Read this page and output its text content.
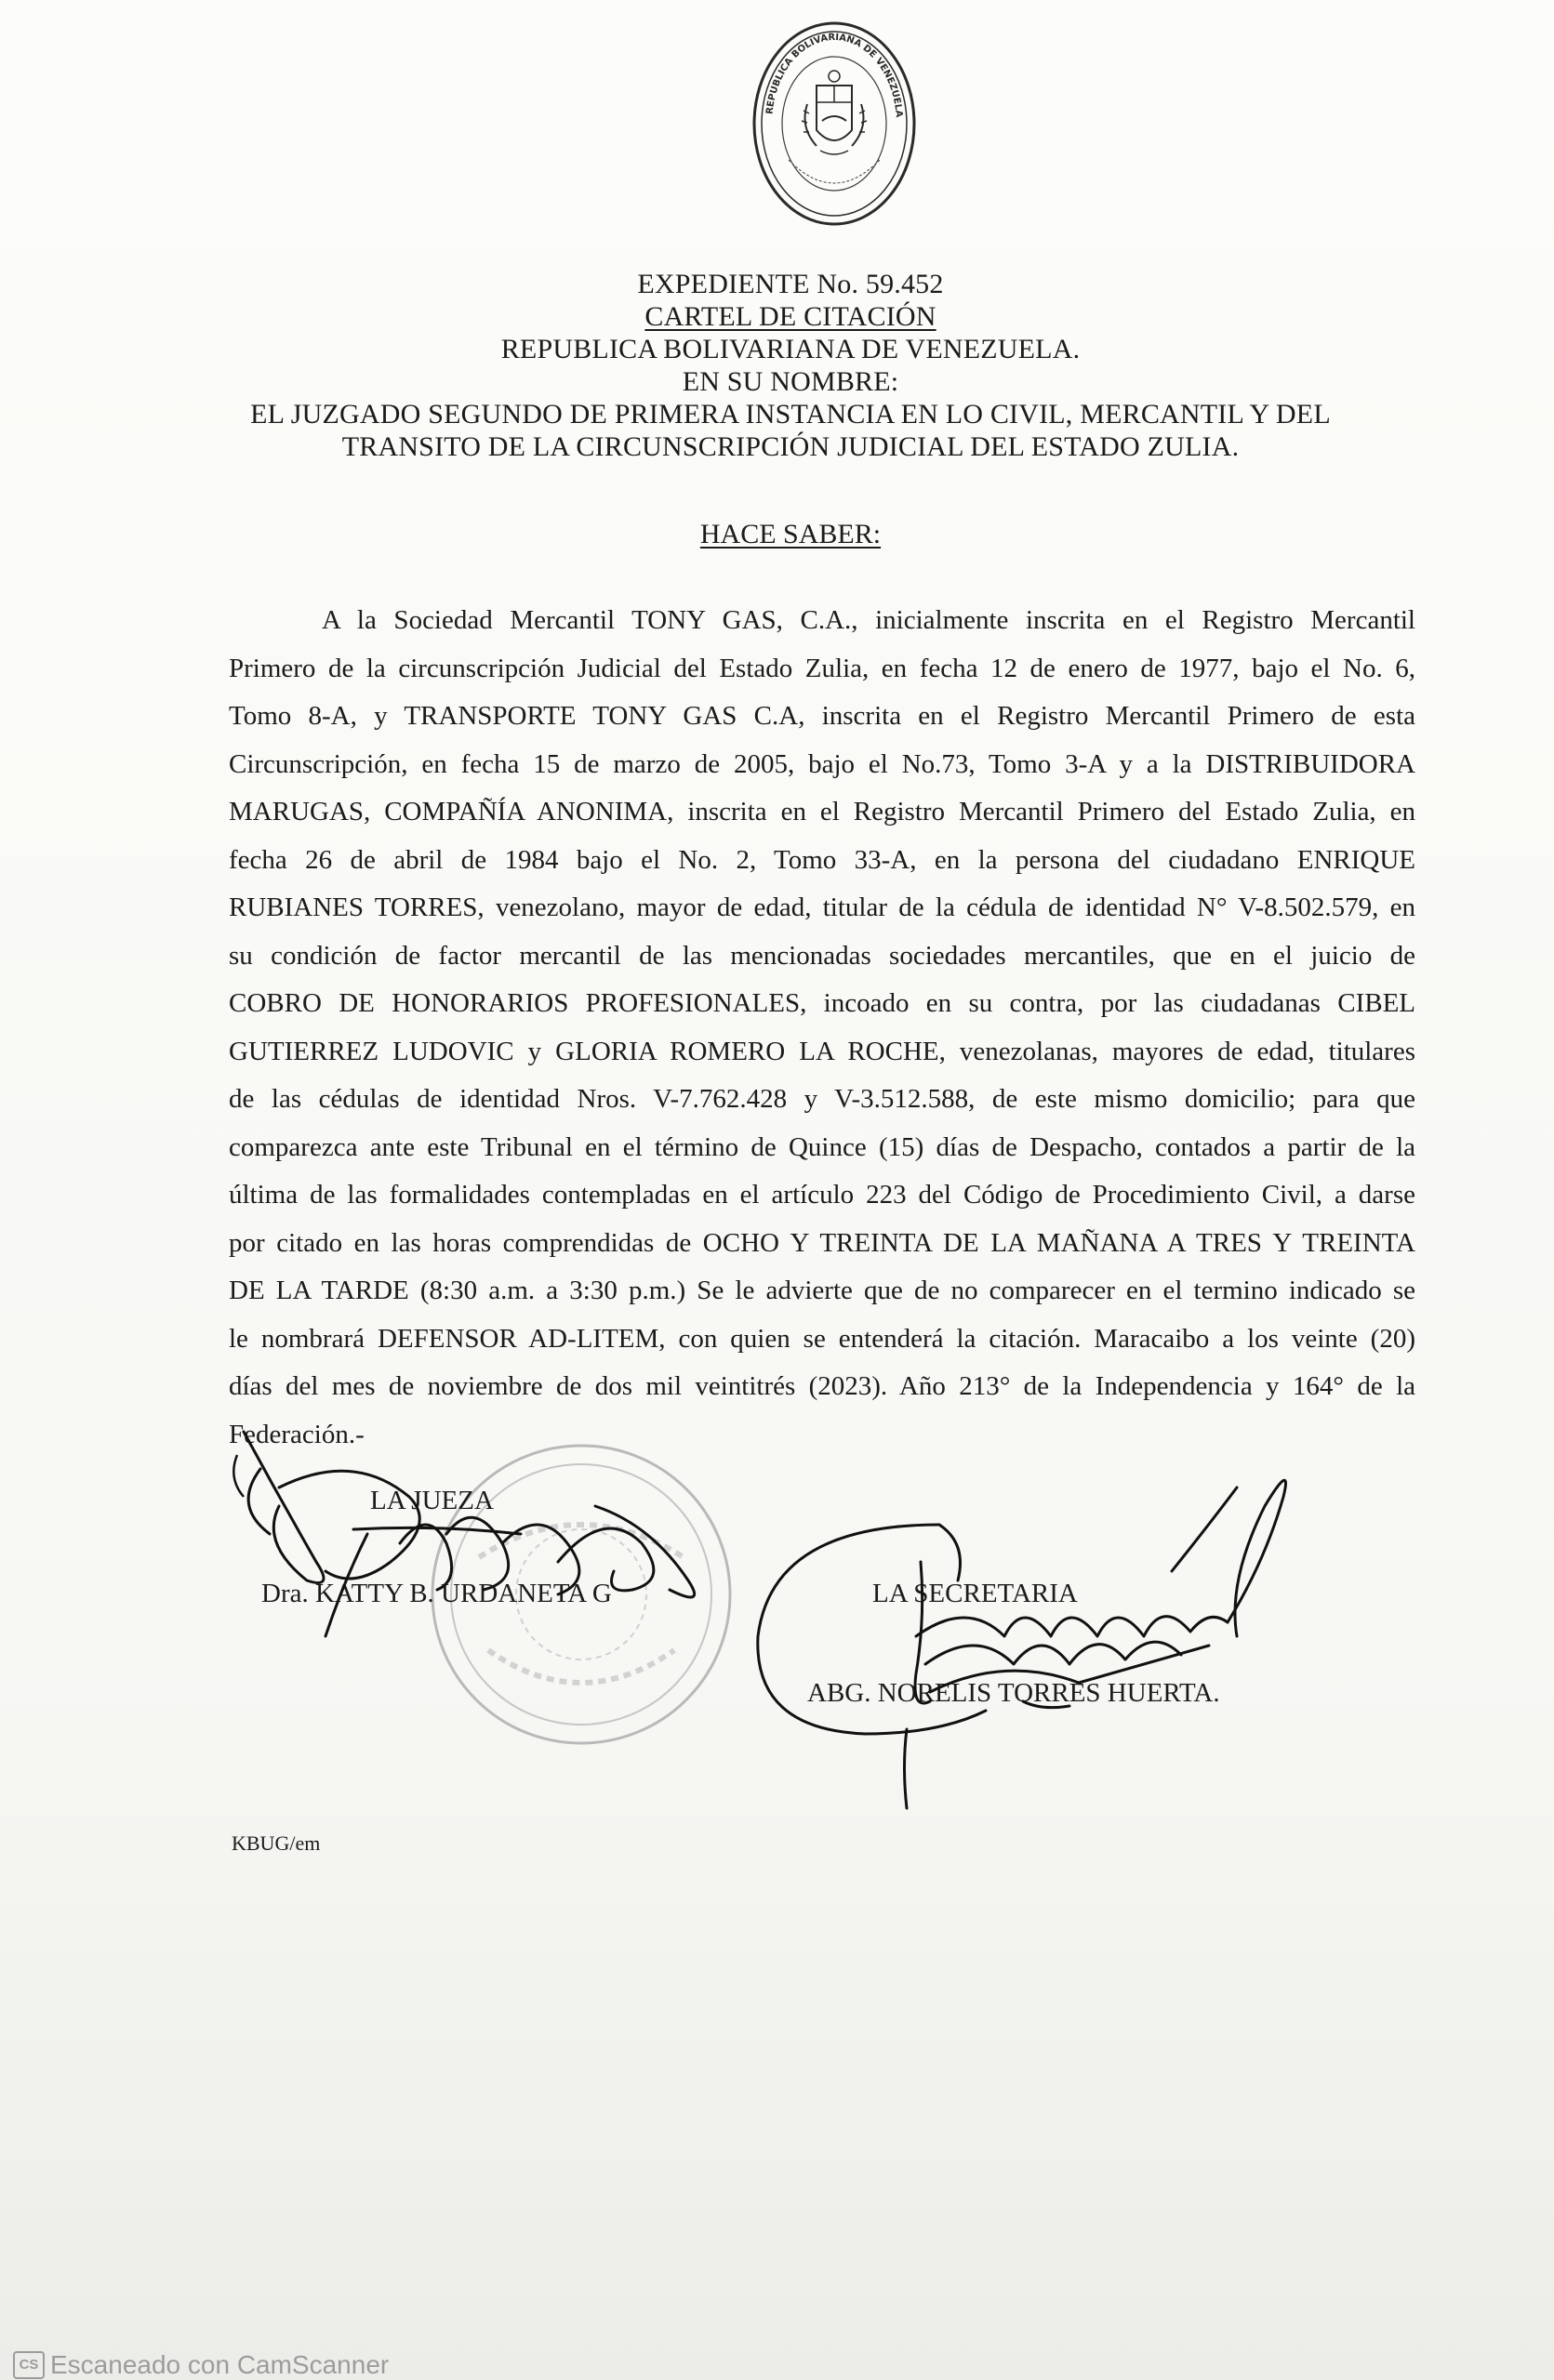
REPUBLICA BOLIVARIANA DE VENEZUELA
EXPEDIENTE No. 59.452
CARTEL DE CITACIÓN
REPUBLICA BOLIVARIANA DE VENEZUELA.
EN SU NOMBRE:
EL JUZGADO SEGUNDO DE PRIMERA INSTANCIA EN LO CIVIL, MERCANTIL Y DEL
TRANSITO DE LA CIRCUNSCRIPCIÓN JUDICIAL DEL ESTADO ZULIA.
HACE SABER:
A la Sociedad Mercantil TONY GAS, C.A., inicialmente inscrita en el Registro Mercantil
Primero de la circunscripción Judicial del Estado Zulia, en fecha 12 de enero de 1977, bajo el No. 6,
Tomo 8-A, y TRANSPORTE TONY GAS C.A, inscrita en el Registro Mercantil Primero de esta
Circunscripción, en fecha 15 de marzo de 2005, bajo el No.73, Tomo 3-A y a la DISTRIBUIDORA
MARUGAS, COMPAÑÍA ANONIMA, inscrita en el Registro Mercantil Primero del Estado Zulia, en
fecha 26 de abril de 1984 bajo el No. 2, Tomo 33-A, en la persona del ciudadano ENRIQUE
RUBIANES TORRES, venezolano, mayor de edad, titular de la cédula de identidad N° V-8.502.579, en
su condición de factor mercantil de las mencionadas sociedades mercantiles, que en el juicio de
COBRO DE HONORARIOS PROFESIONALES, incoado en su contra, por las ciudadanas CIBEL
GUTIERREZ LUDOVIC y GLORIA ROMERO LA ROCHE, venezolanas, mayores de edad, titulares
de las cédulas de identidad Nros. V-7.762.428 y V-3.512.588, de este mismo domicilio; para que
comparezca ante este Tribunal en el término de Quince (15) días de Despacho, contados a partir de la
última de las formalidades contempladas en el artículo 223 del Código de Procedimiento Civil, a darse
por citado en las horas comprendidas de OCHO Y TREINTA DE LA MAÑANA A TRES Y TREINTA
DE LA TARDE (8:30 a.m. a 3:30 p.m.) Se le advierte que de no comparecer en el termino indicado se
le nombrará DEFENSOR AD-LITEM, con quien se entenderá la citación. Maracaibo a los veinte (20)
días del mes de noviembre de dos mil veintitrés (2023). Año 213° de la Independencia y 164° de la
Federación.-
LA JUEZA
Dra. KATTY B. URDANETA G	LA SECRETARIA
ABG. NORELIS TORRES HUERTA.
KBUG/em
CS Escaneado con CamScanner
